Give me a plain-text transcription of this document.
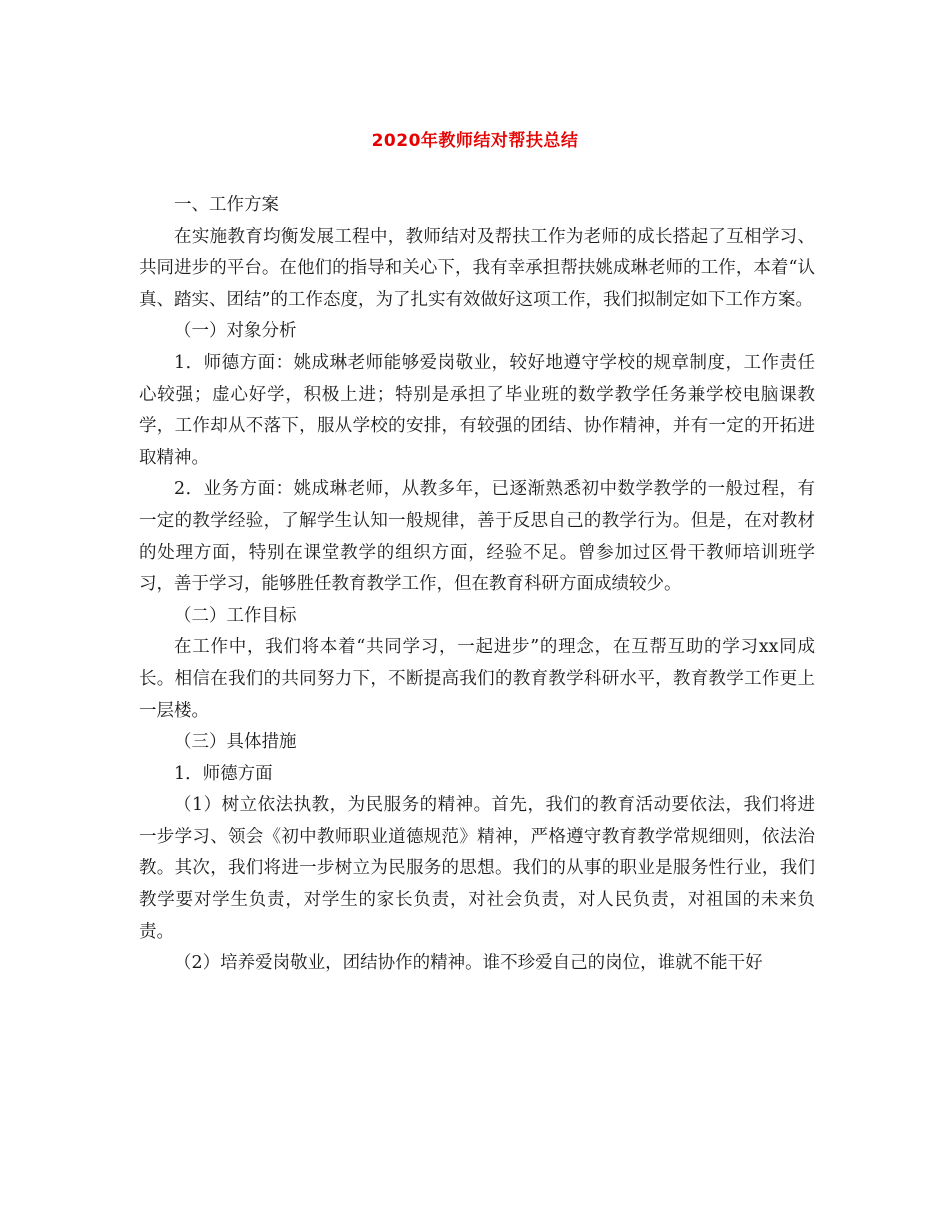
2020年教师结对帮扶总结

一、工作方案

在实施教育均衡发展工程中，教师结对及帮扶工作为老师的成长搭起了互相学习、共同进步的平台。在他们的指导和关心下，我有幸承担帮扶姚成琳老师的工作，本着“认真、踏实、团结”的工作态度，为了扎实有效做好这项工作，我们拟制定如下工作方案。

（一）对象分析

1．师德方面：姚成琳老师能够爱岗敬业，较好地遵守学校的规章制度，工作责任心较强；虚心好学，积极上进；特别是承担了毕业班的数学教学任务兼学校电脑课教学，工作却从不落下，服从学校的安排，有较强的团结、协作精神，并有一定的开拓进取精神。

2．业务方面：姚成琳老师，从教多年，已逐渐熟悉初中数学教学的一般过程，有一定的教学经验，了解学生认知一般规律，善于反思自己的教学行为。但是，在对教材的处理方面，特别在课堂教学的组织方面，经验不足。曾参加过区骨干教师培训班学习，善于学习，能够胜任教育教学工作，但在教育科研方面成绩较少。

（二）工作目标

在工作中，我们将本着“共同学习，一起进步”的理念，在互帮互助的学习xx同成长。相信在我们的共同努力下，不断提高我们的教育教学科研水平，教育教学工作更上一层楼。

（三）具体措施

1．师德方面

（1）树立依法执教，为民服务的精神。首先，我们的教育活动要依法，我们将进一步学习、领会《初中教师职业道德规范》精神，严格遵守教育教学常规细则，依法治教。其次，我们将进一步树立为民服务的思想。我们的从事的职业是服务性行业，我们教学要对学生负责，对学生的家长负责，对社会负责，对人民负责，对祖国的未来负责。

（2）培养爱岗敬业，团结协作的精神。谁不珍爱自己的岗位，谁就不能干好
